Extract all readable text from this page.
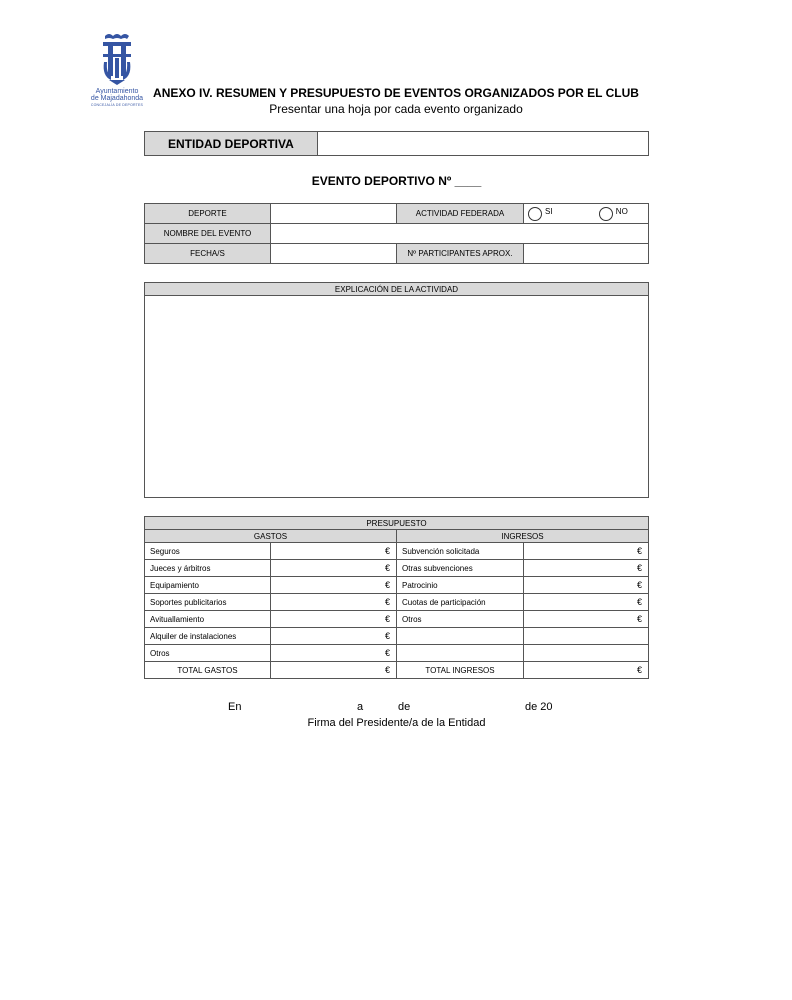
Ayuntamiento
de Majadahonda
CONCEJALÍA DE DEPORTES
ANEXO IV. RESUMEN Y PRESUPUESTO DE EVENTOS ORGANIZADOS POR EL CLUB
Presentar una hoja por cada evento organizado
ENTIDAD DEPORTIVA	
EVENTO DEPORTIVO Nº ____
DEPORTE		ACTIVIDAD FEDERADA	SI NO
NOMBRE DEL EVENTO			
FECHA/S		Nº PARTICIPANTES APROX.	
EXPLICACIÓN DE LA ACTIVIDAD

PRESUPUESTO			
GASTOS		INGRESOS	
Seguros	€	Subvención solicitada	€
Jueces y árbitros	€	Otras subvenciones	€
Equipamiento	€	Patrocinio	€
Soportes publicitarios	€	Cuotas de participación	€
Avituallamiento	€	Otros	€
Alquiler de instalaciones	€		
Otros	€		
TOTAL GASTOS	€	TOTAL INGRESOS	€
En	a	de	de 20
Firma del Presidente/a de la Entidad
